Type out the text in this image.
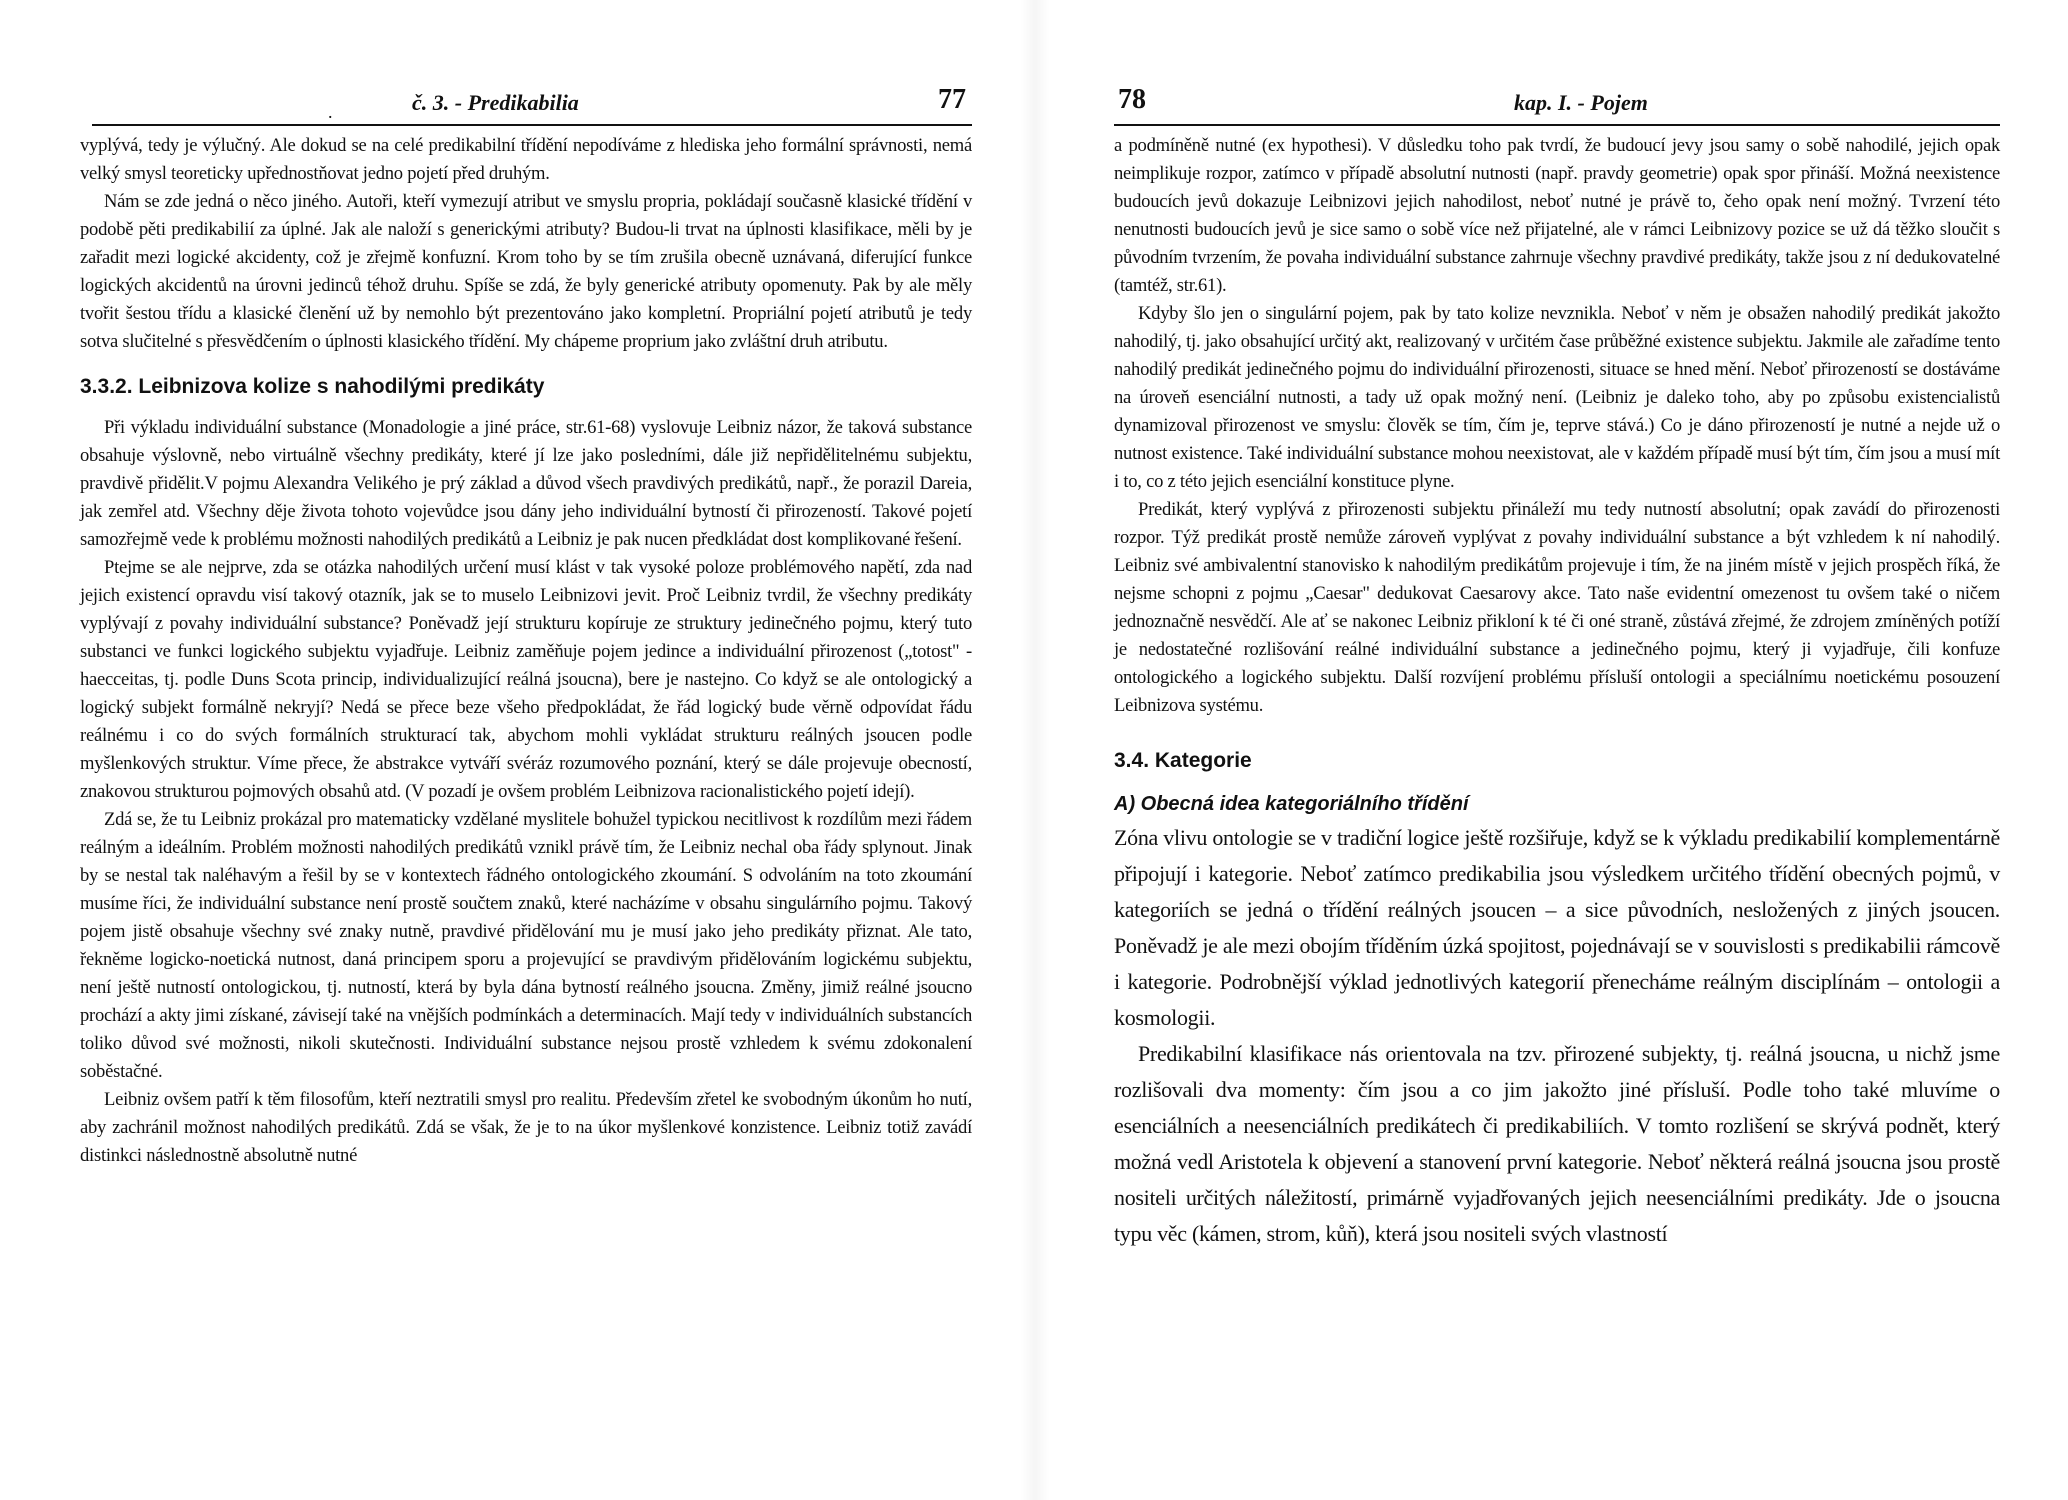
.	č. 3. - Predikabilia	77

vyplývá, tedy je výlučný. Ale dokud se na celé predikabilní třídění nepodíváme z hlediska jeho formální správnosti, nemá velký smysl teoreticky upřednostňovat jedno pojetí před druhým.

Nám se zde jedná o něco jiného. Autoři, kteří vymezují atribut ve smyslu propria, pokládají současně klasické třídění v podobě pěti predikabilií za úplné. Jak ale naloží s generickými atributy? Budou-li trvat na úplnosti klasifikace, měli by je zařadit mezi logické akcidenty, což je zřejmě konfuzní. Krom toho by se tím zrušila obecně uznávaná, diferující funkce logických akcidentů na úrovni jedinců téhož druhu. Spíše se zdá, že byly generické atributy opomenuty. Pak by ale měly tvořit šestou třídu a klasické členění už by nemohlo být prezentováno jako kompletní. Propriální pojetí atributů je tedy sotva slučitelné s přesvědčením o úplnosti klasického třídění. My chápeme proprium jako zvláštní druh atributu.

3.3.2. Leibnizova kolize s nahodilými predikáty

Při výkladu individuální substance (Monadologie a jiné práce, str.61-68) vyslovuje Leibniz názor, že taková substance obsahuje výslovně, nebo virtuálně všechny predikáty, které jí lze jako posledními, dále již nepřidělitelnému subjektu, pravdivě přidělit.V pojmu Alexandra Velikého je prý základ a důvod všech pravdivých predikátů, např., že porazil Dareia, jak zemřel atd. Všechny děje života tohoto vojevůdce jsou dány jeho individuální bytností či přirozeností. Takové pojetí samozřejmě vede k problému možnosti nahodilých predikátů a Leibniz je pak nucen předkládat dost komplikované řešení.

Ptejme se ale nejprve, zda se otázka nahodilých určení musí klást v tak vysoké poloze problémového napětí, zda nad jejich existencí opravdu visí takový otazník, jak se to muselo Leibnizovi jevit. Proč Leibniz tvrdil, že všechny predikáty vyplývají z povahy individuální substance? Poněvadž její strukturu kopíruje ze struktury jedinečného pojmu, který tuto substanci ve funkci logického subjektu vyjadřuje. Leibniz zaměňuje pojem jedince a individuální přirozenost („totost" - haecceitas, tj. podle Duns Scota princip, individualizující reálná jsoucna), bere je nastejno. Co když se ale ontologický a logický subjekt formálně nekryjí? Nedá se přece beze všeho předpokládat, že řád logický bude věrně odpovídat řádu reálnému i co do svých formálních strukturací tak, abychom mohli vykládat strukturu reálných jsoucen podle myšlenkových struktur. Víme přece, že abstrakce vytváří svéráz rozumového poznání, který se dále projevuje obecností, znakovou strukturou pojmových obsahů atd. (V pozadí je ovšem problém Leibnizova racionalistického pojetí idejí).

Zdá se, že tu Leibniz prokázal pro matematicky vzdělané myslitele bohužel typickou necitlivost k rozdílům mezi řádem reálným a ideálním. Problém možnosti nahodilých predikátů vznikl právě tím, že Leibniz nechal oba řády splynout. Jinak by se nestal tak naléhavým a řešil by se v kontextech řádného ontologického zkoumání. S odvoláním na toto zkoumání musíme říci, že individuální substance není prostě součtem znaků, které nacházíme v obsahu singulárního pojmu. Takový pojem jistě obsahuje všechny své znaky nutně, pravdivé přidělování mu je musí jako jeho predikáty přiznat. Ale tato, řekněme logicko-noetická nutnost, daná principem sporu a projevující se pravdivým přidělováním logickému subjektu, není ještě nutností ontologickou, tj. nutností, která by byla dána bytností reálného jsoucna. Změny, jimiž reálné jsoucno prochází a akty jimi získané, závisejí také na vnějších podmínkách a determinacích. Mají tedy v individuálních substancích toliko důvod své možnosti, nikoli skutečnosti. Individuální substance nejsou prostě vzhledem k svému zdokonalení soběstačné.

Leibniz ovšem patří k těm filosofům, kteří neztratili smysl pro realitu. Především zřetel ke svobodným úkonům ho nutí, aby zachránil možnost nahodilých predikátů. Zdá se však, že je to na úkor myšlenkové konzistence. Leibniz totiž zavádí distinkci následnostně absolutně nutné

78	kap. I. - Pojem

a podmíněně nutné (ex hypothesi). V důsledku toho pak tvrdí, že budoucí jevy jsou samy o sobě nahodilé, jejich opak neimplikuje rozpor, zatímco v případě absolutní nutnosti (např. pravdy geometrie) opak spor přináší. Možná neexistence budoucích jevů dokazuje Leibnizovi jejich nahodilost, neboť nutné je právě to, čeho opak není možný. Tvrzení této nenutnosti budoucích jevů je sice samo o sobě více než přijatelné, ale v rámci Leibnizovy pozice se už dá těžko sloučit s původním tvrzením, že povaha individuální substance zahrnuje všechny pravdivé predikáty, takže jsou z ní dedukovatelné (tamtéž, str.61).

Kdyby šlo jen o singulární pojem, pak by tato kolize nevznikla. Neboť v něm je obsažen nahodilý predikát jakožto nahodilý, tj. jako obsahující určitý akt, realizovaný v určitém čase průběžné existence subjektu. Jakmile ale zařadíme tento nahodilý predikát jedinečného pojmu do individuální přirozenosti, situace se hned mění. Neboť přirozeností se dostáváme na úroveň esenciální nutnosti, a tady už opak možný není. (Leibniz je daleko toho, aby po způsobu existencialistů dynamizoval přirozenost ve smyslu: člověk se tím, čím je, teprve stává.) Co je dáno přirozeností je nutné a nejde už o nutnost existence. Také individuální substance mohou neexistovat, ale v každém případě musí být tím, čím jsou a musí mít i to, co z této jejich esenciální konstituce plyne.

Predikát, který vyplývá z přirozenosti subjektu přináleží mu tedy nutností absolutní; opak zavádí do přirozenosti rozpor. Týž predikát prostě nemůže zároveň vyplývat z povahy individuální substance a být vzhledem k ní nahodilý. Leibniz své ambivalentní stanovisko k nahodilým predikátům projevuje i tím, že na jiném místě v jejich prospěch říká, že nejsme schopni z pojmu „Caesar" dedukovat Caesarovy akce. Tato naše evidentní omezenost tu ovšem také o ničem jednoznačně nesvědčí. Ale ať se nakonec Leibniz přikloní k té či oné straně, zůstává zřejmé, že zdrojem zmíněných potíží je nedostatečné rozlišování reálné individuální substance a jedinečného pojmu, který ji vyjadřuje, čili konfuze ontologického a logického subjektu. Další rozvíjení problému přísluší ontologii a speciálnímu noetickému posouzení Leibnizova systému.

3.4. Kategorie
A) Obecná idea kategoriálního třídění

Zóna vlivu ontologie se v tradiční logice ještě rozšiřuje, když se k výkladu predikabilií komplementárně připojují i kategorie. Neboť zatímco predikabilia jsou výsledkem určitého třídění obecných pojmů, v kategoriích se jedná o třídění reálných jsoucen – a sice původních, nesložených z jiných jsoucen. Poněvadž je ale mezi obojím tříděním úzká spojitost, pojednávají se v souvislosti s predikabilii rámcově i kategorie. Podrobnější výklad jednotlivých kategorií přenecháme reálným disciplínám – ontologii a kosmologii.

Predikabilní klasifikace nás orientovala na tzv. přirozené subjekty, tj. reálná jsoucna, u nichž jsme rozlišovali dva momenty: čím jsou a co jim jakožto jiné přísluší. Podle toho také mluvíme o esenciálních a neesenciálních predikátech či predikabiliích. V tomto rozlišení se skrývá podnět, který možná vedl Aristotela k objevení a stanovení první kategorie. Neboť některá reálná jsoucna jsou prostě nositeli určitých náležitostí, primárně vyjadřovaných jejich neesenciálními predikáty. Jde o jsoucna typu věc (kámen, strom, kůň), která jsou nositeli svých vlastností
